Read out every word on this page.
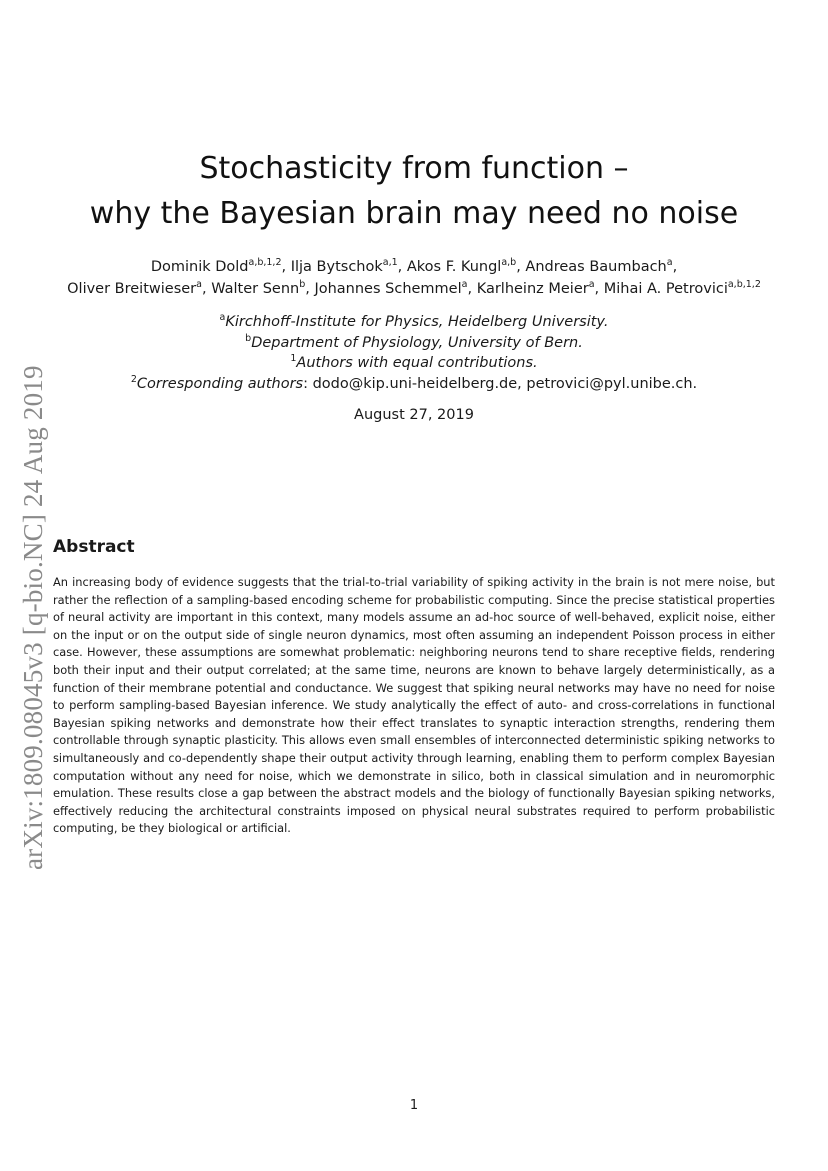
arXiv:1809.08045v3 [q-bio.NC] 24 Aug 2019
Stochasticity from function –
why the Bayesian brain may need no noise
Dominik Dold$^{a,b,1,2}$, Ilja Bytschok$^{a,1}$, Akos F. Kungl$^{a,b}$, Andreas Baumbach$^a$,
Oliver Breitwieser$^a$, Walter Senn$^b$, Johannes Schemmel$^a$, Karlheinz Meier$^a$, Mihai A. Petrovici$^{a,b,1,2}$
$^a$Kirchhoff-Institute for Physics, Heidelberg University.
$^b$Department of Physiology, University of Bern.
$^1$Authors with equal contributions.
$^2$Corresponding authors: dodo@kip.uni-heidelberg.de, petrovici@pyl.unibe.ch.
August 27, 2019
Abstract

An increasing body of evidence suggests that the trial-to-trial variability of spiking activity in the brain is not mere noise, but rather the reflection of a sampling-based encoding scheme for probabilistic computing. Since the precise statistical properties of neural activity are important in this context, many models assume an ad-hoc source of well-behaved, explicit noise, either on the input or on the output side of single neuron dynamics, most often assuming an independent Poisson process in either case. However, these assumptions are somewhat problematic: neighboring neurons tend to share receptive fields, rendering both their input and their output correlated; at the same time, neurons are known to behave largely deterministically, as a function of their membrane potential and conductance. We suggest that spiking neural networks may have no need for noise to perform sampling-based Bayesian inference. We study analytically the effect of auto- and cross-correlations in functional Bayesian spiking networks and demonstrate how their effect translates to synaptic interaction strengths, rendering them controllable through synaptic plasticity. This allows even small ensembles of interconnected deterministic spiking networks to simultaneously and co-dependently shape their output activity through learning, enabling them to perform complex Bayesian computation without any need for noise, which we demonstrate in silico, both in classical simulation and in neuromorphic emulation. These results close a gap between the abstract models and the biology of functionally Bayesian spiking networks, effectively reducing the architectural constraints imposed on physical neural substrates required to perform probabilistic computing, be they biological or artificial.

1
